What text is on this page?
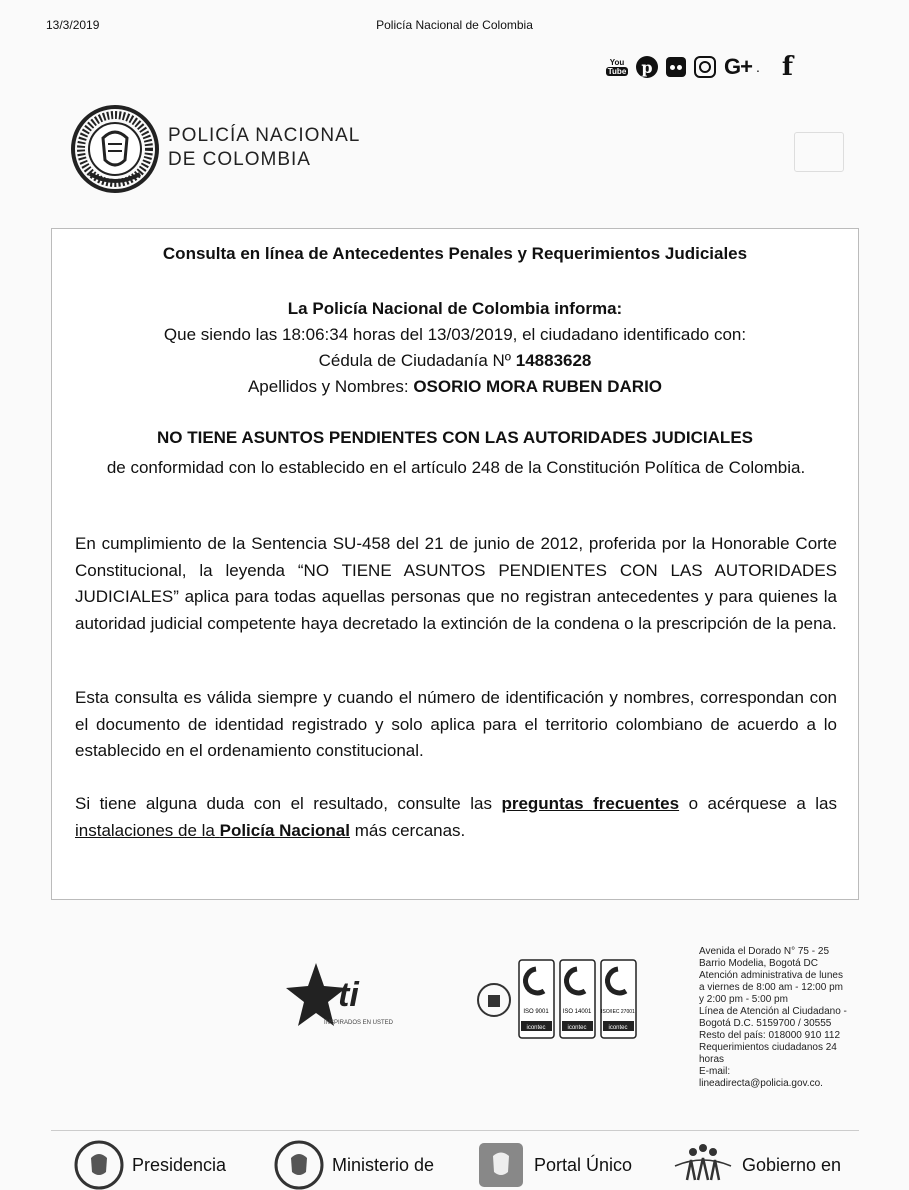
13/3/2019	Policía Nacional de Colombia
You
Tube p	G+ . f
POLICÍA NACIONAL
DE COLOMBIA
Consulta en línea de Antecedentes Penales y Requerimientos Judiciales
La Policía Nacional de Colombia informa:
Que siendo las 18:06:34 horas del 13/03/2019, el ciudadano identificado con:
Cédula de Ciudadanía Nº 14883628
Apellidos y Nombres: OSORIO MORA RUBEN DARIO
NO TIENE ASUNTOS PENDIENTES CON LAS AUTORIDADES JUDICIALES
de conformidad con lo establecido en el artículo 248 de la Constitución Política de Colombia.
En cumplimiento de la Sentencia SU-458 del 21 de junio de 2012, proferida por la Honorable Corte Constitucional, la leyenda “NO TIENE ASUNTOS PENDIENTES CON LAS AUTORIDADES JUDICIALES” aplica para todas aquellas personas que no registran antecedentes y para quienes la autoridad judicial competente haya decretado la extinción de la condena o la prescripción de la pena.
Esta consulta es válida siempre y cuando el número de identificación y nombres, correspondan con el documento de identidad registrado y solo aplica para el territorio colombiano de acuerdo a lo establecido en el ordenamiento constitucional.
Si tiene alguna duda con el resultado, consulte las preguntas frecuentes o acérquese a las instalaciones de la Policía Nacional más cercanas.
ti
INSPIRADOS EN USTED
ISO 9001
icontec
ISO 14001
icontec
ISO/IEC 27001
icontec
Avenida el Dorado N° 75 - 25
Barrio Modelia, Bogotá DC
Atención administrativa de lunes
a viernes de 8:00 am - 12:00 pm
y 2:00 pm - 5:00 pm
Línea de Atención al Ciudadano -
Bogotá D.C. 5159700 / 30555
Resto del país: 018000 910 112
Requerimientos ciudadanos 24
horas
E-mail:
lineadirecta@policia.gov.co.
Presidencia	Ministerio de	Portal Único	Gobierno en
